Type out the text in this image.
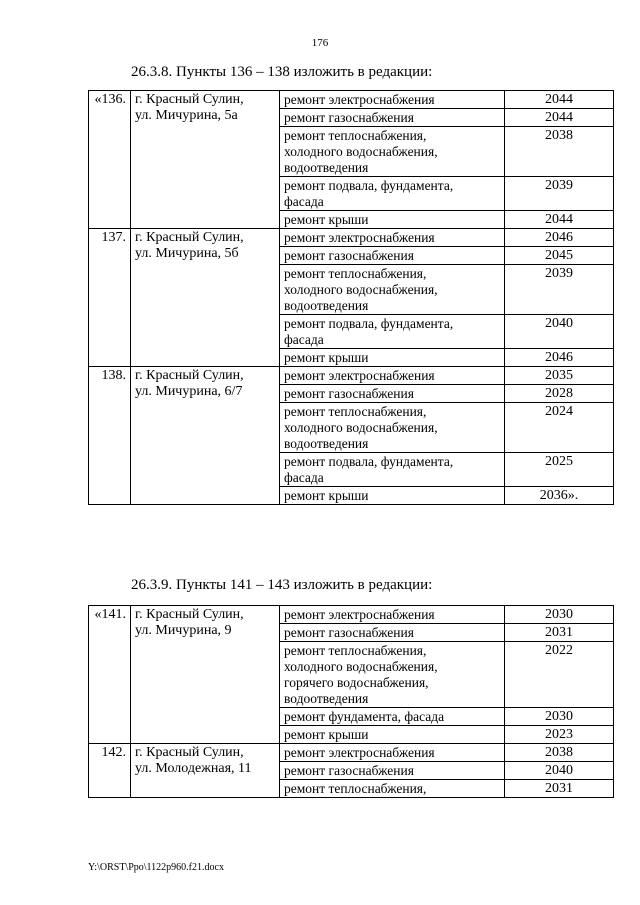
176
26.3.8. Пункты 136 – 138 изложить в редакции:
«136.	г. Красный Сулин,
ул. Мичурина, 5а	ремонт электроснабжения	2044

		ремонт газоснабжения	2044

		ремонт теплоснабжения,
холодного водоснабжения,
водоотведения	2038

		ремонт подвала, фундамента,
фасада	2039

		ремонт крыши	2044
137.	г. Красный Сулин,
ул. Мичурина, 5б	ремонт электроснабжения	2046

		ремонт газоснабжения	2045

		ремонт теплоснабжения,
холодного водоснабжения,
водоотведения	2039

		ремонт подвала, фундамента,
фасада	2040

		ремонт крыши	2046
138.	г. Красный Сулин,
ул. Мичурина, 6/7	ремонт электроснабжения	2035

		ремонт газоснабжения	2028

		ремонт теплоснабжения,
холодного водоснабжения,
водоотведения	2024

		ремонт подвала, фундамента,
фасада	2025

		ремонт крыши	2036».
26.3.9. Пункты 141 – 143 изложить в редакции:
«141.	г. Красный Сулин,
ул. Мичурина, 9	ремонт электроснабжения	2030

		ремонт газоснабжения	2031

		ремонт теплоснабжения,
холодного водоснабжения,
горячего водоснабжения,
водоотведения	2022

		ремонт фундамента, фасада	2030

		ремонт крыши	2023
142.	г. Красный Сулин,
ул. Молодежная, 11	ремонт электроснабжения	2038

		ремонт газоснабжения	2040

		ремонт теплоснабжения,	2031
Y:\ORST\Ppo\1122p960.f21.docx
